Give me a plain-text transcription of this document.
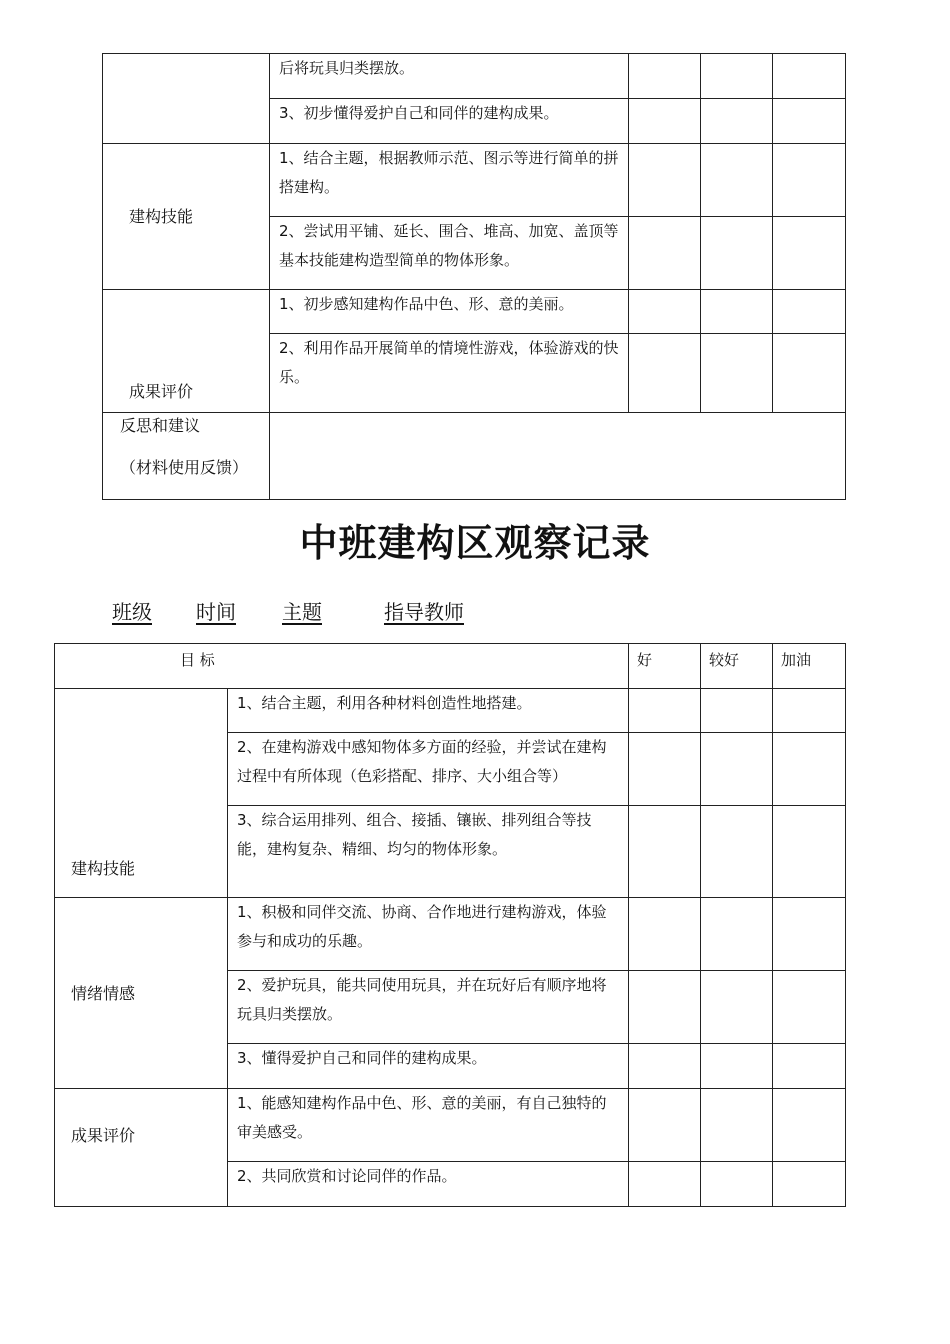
	后将玩具归类摆放。			
	3、初步懂得爱护自己和同伴的建构成果。			
建构技能	1、结合主题，根据教师示范、图示等进行简单的拼搭建构。			
	2、尝试用平铺、延长、围合、堆高、加宽、盖顶等基本技能建构造型简单的物体形象。			
成果评价	1、初步感知建构作品中色、形、意的美丽。			
	2、利用作品开展简单的情境性游戏，体验游戏的快乐。			

反思和建议
（材料使用反馈）				

中班建构区观察记录
班级 时间 主题	指导教师
目 标		好	较好	加油
建构技能	1、结合主题，利用各种材料创造性地搭建。			
	2、在建构游戏中感知物体多方面的经验，并尝试在建构过程中有所体现（色彩搭配、排序、大小组合等）			
	3、综合运用排列、组合、接插、镶嵌、排列组合等技能，建构复杂、精细、均匀的物体形象。			
情绪情感	1、积极和同伴交流、协商、合作地进行建构游戏，体验参与和成功的乐趣。			
	2、爱护玩具，能共同使用玩具，并在玩好后有顺序地将玩具归类摆放。			
	3、懂得爱护自己和同伴的建构成果。			
成果评价	1、能感知建构作品中色、形、意的美丽，有自己独特的审美感受。			
	2、共同欣赏和讨论同伴的作品。			
